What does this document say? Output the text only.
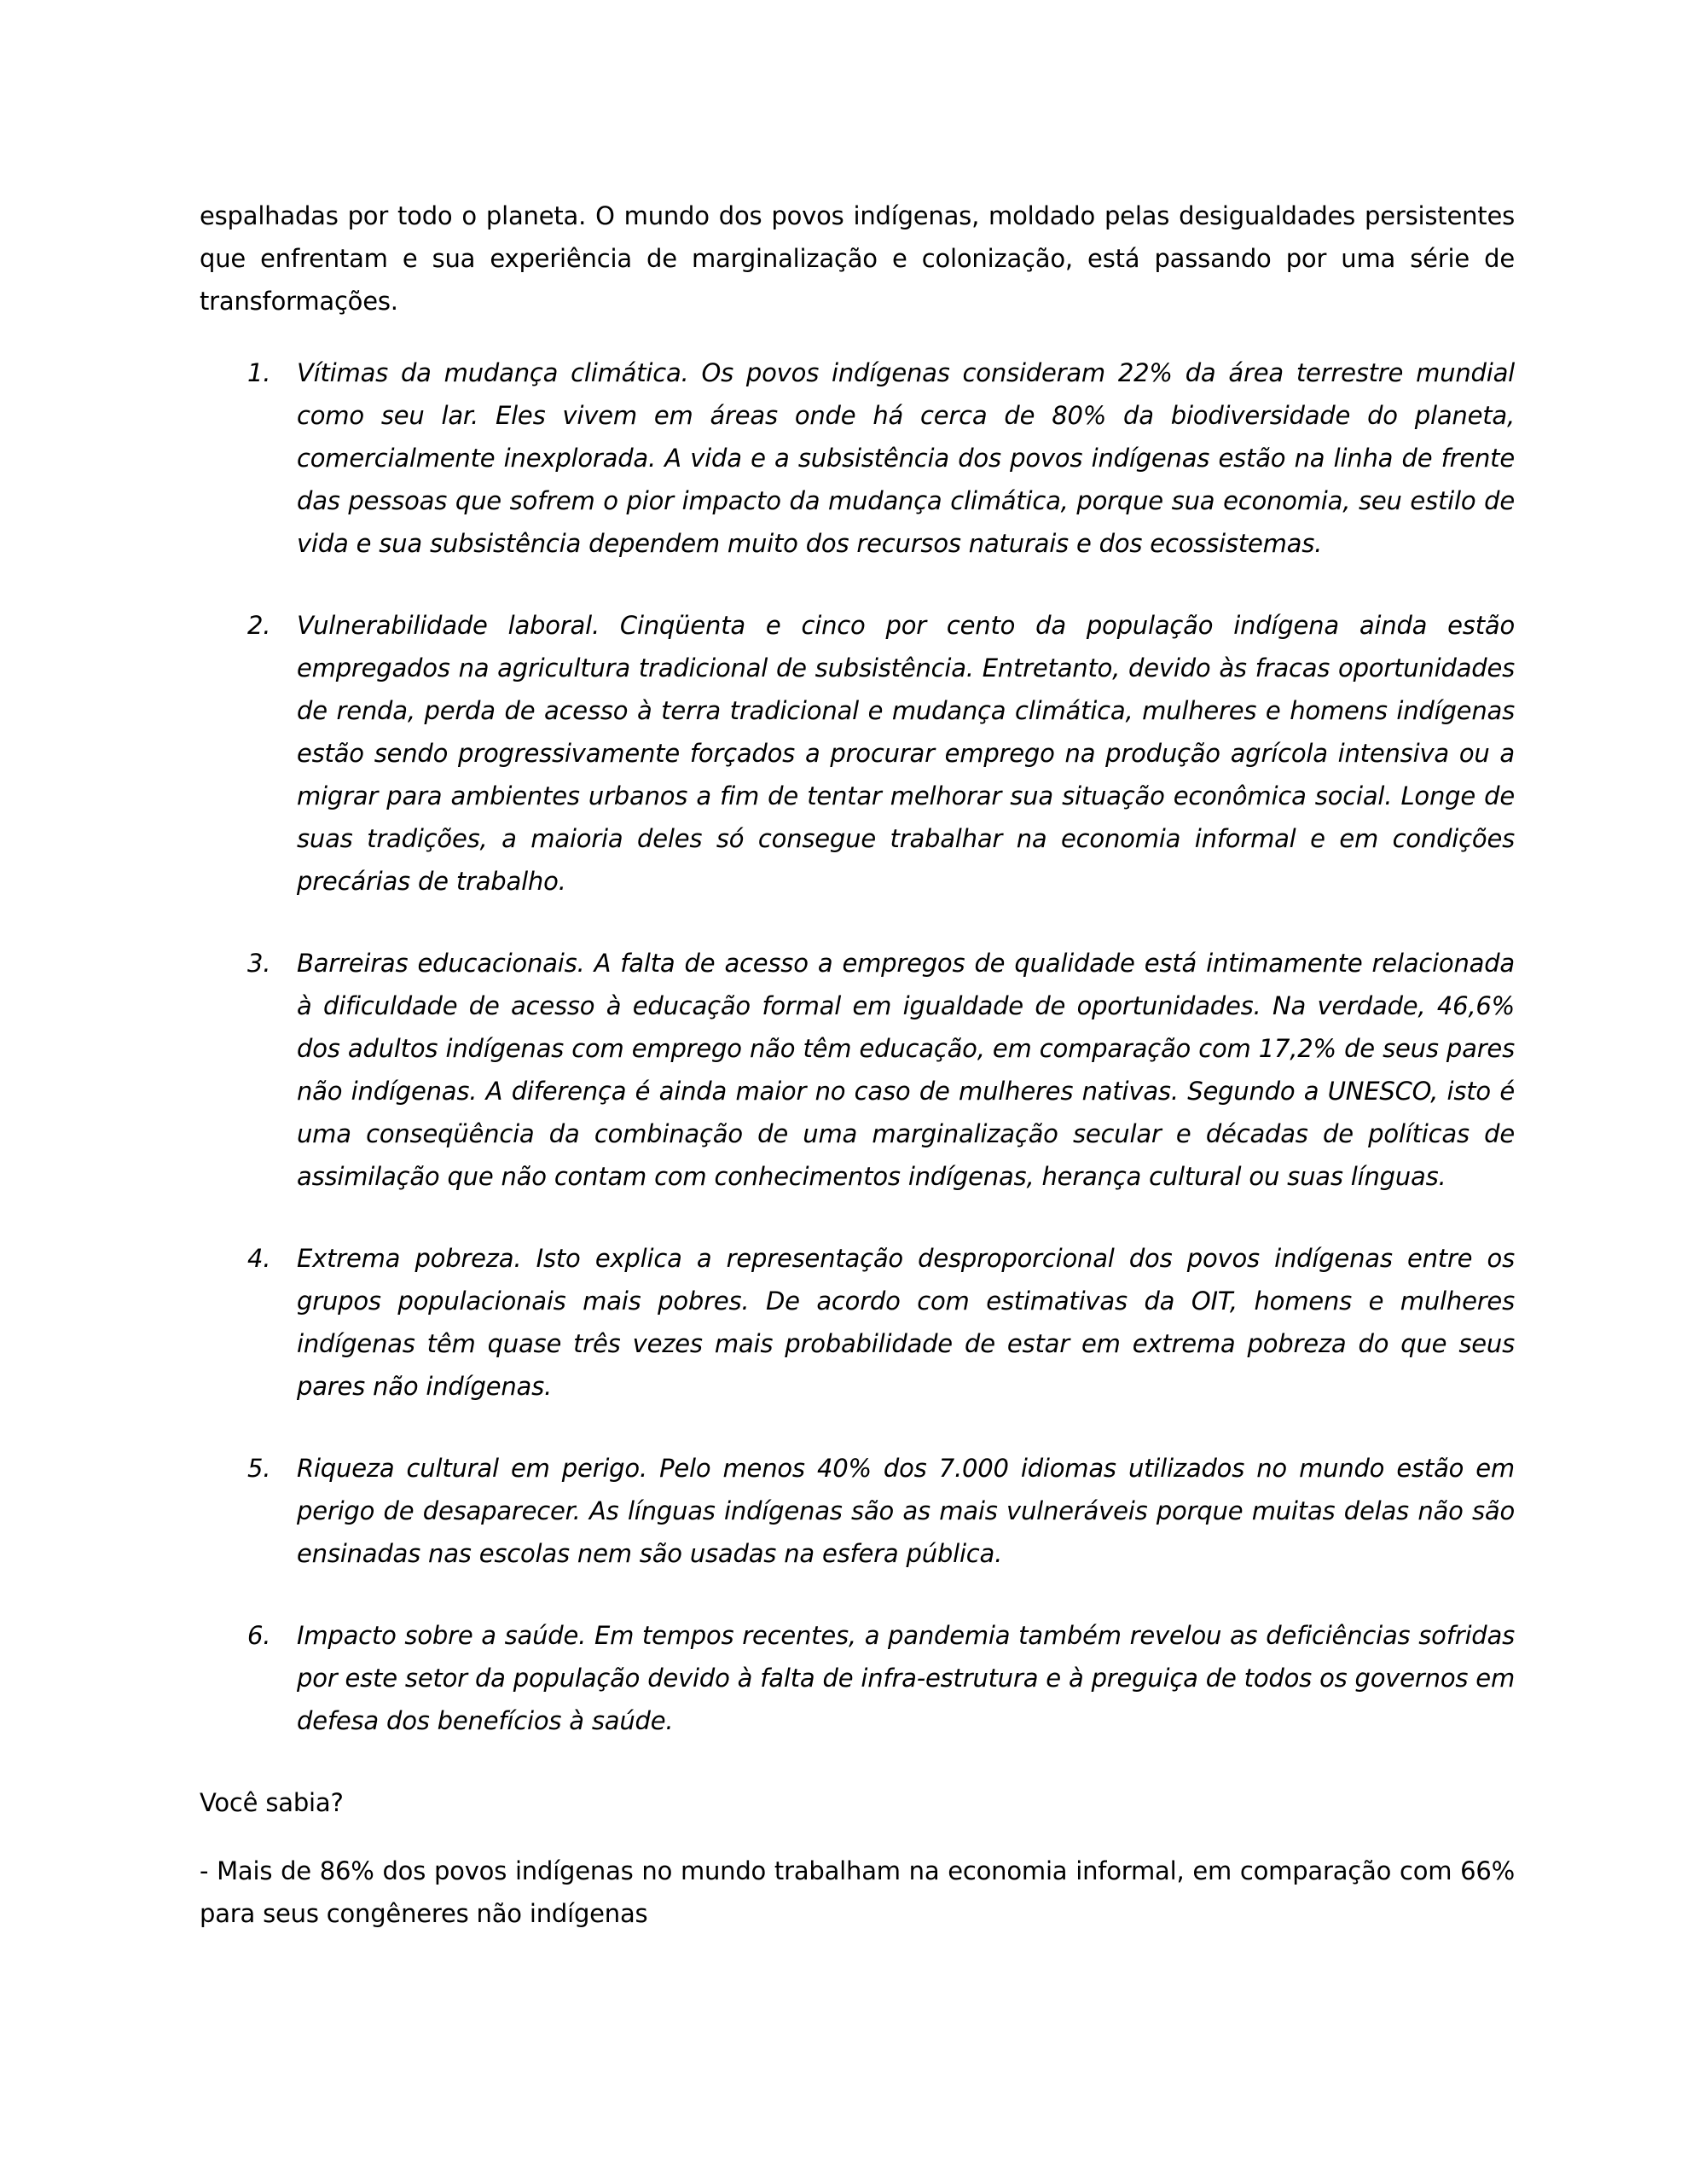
espalhadas por todo o planeta. O mundo dos povos indígenas, moldado pelas desigualdades persistentes que enfrentam e sua experiência de marginalização e colonização, está passando por uma série de transformações.

1. Vítimas da mudança climática. Os povos indígenas consideram 22% da área terrestre mundial como seu lar. Eles vivem em áreas onde há cerca de 80% da biodiversidade do planeta, comercialmente inexplorada. A vida e a subsistência dos povos indígenas estão na linha de frente das pessoas que sofrem o pior impacto da mudança climática, porque sua economia, seu estilo de vida e sua subsistência dependem muito dos recursos naturais e dos ecossistemas.
2. Vulnerabilidade laboral. Cinqüenta e cinco por cento da população indígena ainda estão empregados na agricultura tradicional de subsistência. Entretanto, devido às fracas oportunidades de renda, perda de acesso à terra tradicional e mudança climática, mulheres e homens indígenas estão sendo progressivamente forçados a procurar emprego na produção agrícola intensiva ou a migrar para ambientes urbanos a fim de tentar melhorar sua situação econômica social. Longe de suas tradições, a maioria deles só consegue trabalhar na economia informal e em condições precárias de trabalho.
3. Barreiras educacionais. A falta de acesso a empregos de qualidade está intimamente relacionada à dificuldade de acesso à educação formal em igualdade de oportunidades. Na verdade, 46,6% dos adultos indígenas com emprego não têm educação, em comparação com 17,2% de seus pares não indígenas. A diferença é ainda maior no caso de mulheres nativas. Segundo a UNESCO, isto é uma conseqüência da combinação de uma marginalização secular e décadas de políticas de assimilação que não contam com conhecimentos indígenas, herança cultural ou suas línguas.
4. Extrema pobreza. Isto explica a representação desproporcional dos povos indígenas entre os grupos populacionais mais pobres. De acordo com estimativas da OIT, homens e mulheres indígenas têm quase três vezes mais probabilidade de estar em extrema pobreza do que seus pares não indígenas.
5. Riqueza cultural em perigo. Pelo menos 40% dos 7.000 idiomas utilizados no mundo estão em perigo de desaparecer. As línguas indígenas são as mais vulneráveis porque muitas delas não são ensinadas nas escolas nem são usadas na esfera pública.
6. Impacto sobre a saúde. Em tempos recentes, a pandemia também revelou as deficiências sofridas por este setor da população devido à falta de infra-estrutura e à preguiça de todos os governos em defesa dos benefícios à saúde.

Você sabia?

- Mais de 86% dos povos indígenas no mundo trabalham na economia informal, em comparação com 66% para seus congêneres não indígenas
